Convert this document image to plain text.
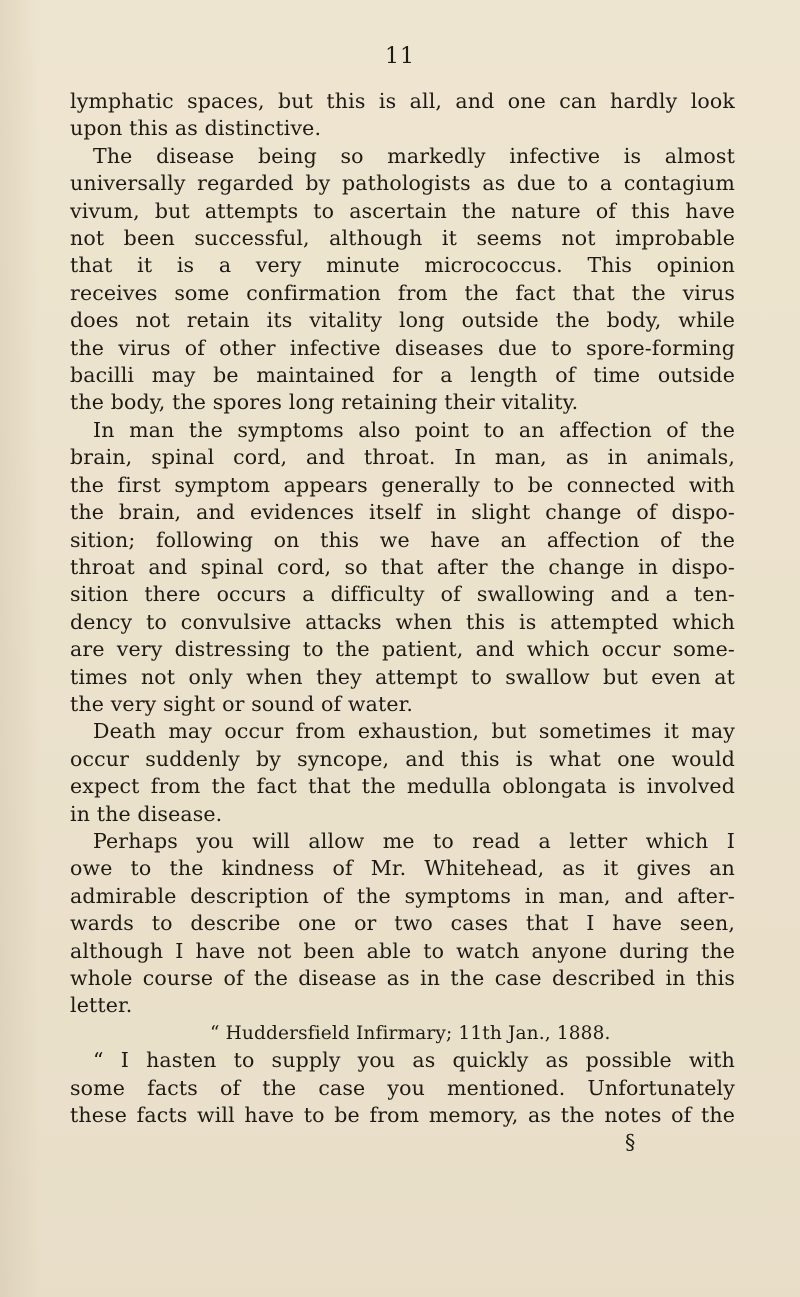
11
lymphatic spaces, but this is all, and one can hardly look
upon this as distinctive.
The disease being so markedly infective is almost
universally regarded by pathologists as due to a contagium
vivum, but attempts to ascertain the nature of this have
not been successful, although it seems not improbable
that it is a very minute micrococcus. This opinion
receives some confirmation from the fact that the virus
does not retain its vitality long outside the body, while
the virus of other infective diseases due to spore-forming
bacilli may be maintained for a length of time outside
the body, the spores long retaining their vitality.
In man the symptoms also point to an affection of the
brain, spinal cord, and throat. In man, as in animals,
the first symptom appears generally to be connected with
the brain, and evidences itself in slight change of dispo-
sition; following on this we have an affection of the
throat and spinal cord, so that after the change in dispo-
sition there occurs a difficulty of swallowing and a ten-
dency to convulsive attacks when this is attempted which
are very distressing to the patient, and which occur some-
times not only when they attempt to swallow but even at
the very sight or sound of water.
Death may occur from exhaustion, but sometimes it may
occur suddenly by syncope, and this is what one would
expect from the fact that the medulla oblongata is involved
in the disease.
Perhaps you will allow me to read a letter which I
owe to the kindness of Mr. Whitehead, as it gives an
admirable description of the symptoms in man, and after-
wards to describe one or two cases that I have seen,
although I have not been able to watch anyone during the
whole course of the disease as in the case described in this
letter.
“ Huddersfield Infirmary; 11th Jan., 1888.
“ I hasten to supply you as quickly as possible with
some facts of the case you mentioned. Unfortunately
these facts will have to be from memory, as the notes of the
§
